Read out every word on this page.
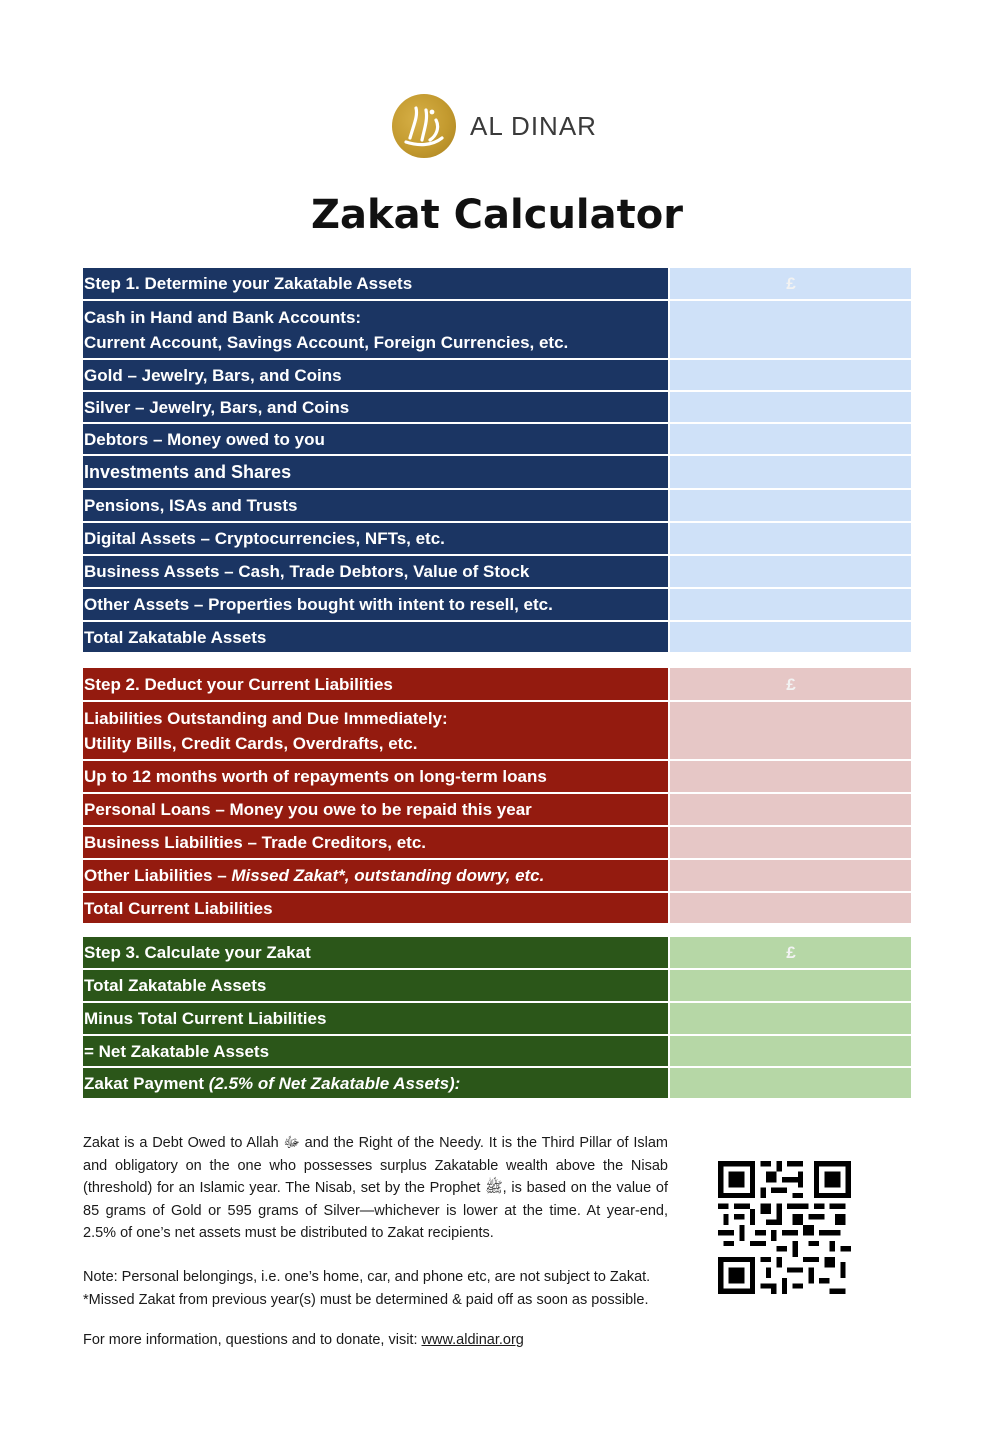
AL DINAR
Zakat Calculator
Step 1. Determine your Zakatable Assets	£

Cash in Hand and Bank Accounts:
Current Account, Savings Account, Foreign Currencies, etc.	

Gold – Jewelry, Bars, and Coins	
Silver – Jewelry, Bars, and Coins	
Debtors – Money owed to you	
Investments and Shares	
Pensions, ISAs and Trusts	
Digital Assets – Cryptocurrencies, NFTs, etc.	
Business Assets – Cash, Trade Debtors, Value of Stock	
Other Assets – Properties bought with intent to resell, etc.	
Total Zakatable Assets	
Step 2. Deduct your Current Liabilities	£

Liabilities Outstanding and Due Immediately:
Utility Bills, Credit Cards, Overdrafts, etc.	

Up to 12 months worth of repayments on long-term loans	
Personal Loans – Money you owe to be repaid this year	
Business Liabilities – Trade Creditors, etc.	
Other Liabilities – Missed Zakat*, outstanding dowry, etc.	
Total Current Liabilities	
Step 3. Calculate your Zakat	£
Total Zakatable Assets	
Minus Total Current Liabilities	
= Net Zakatable Assets	
Zakat Payment (2.5% of Net Zakatable Assets):	
Zakat is a Debt Owed to Allah ﷻ and the Right of the Needy. It is the Third Pillar of Islam and obligatory on the one who possesses surplus Zakatable wealth above the Nisab (threshold) for an Islamic year. The Nisab, set by the Prophet ﷺ, is based on the value of 85 grams of Gold or 595 grams of Silver—whichever is lower at the time. At year-end, 2.5% of one’s net assets must be distributed to Zakat recipients.
Note: Personal belongings, i.e. one’s home, car, and phone etc, are not subject to Zakat.
*Missed Zakat from previous year(s) must be determined & paid off as soon as possible.
For more information, questions and to donate, visit: www.aldinar.org
